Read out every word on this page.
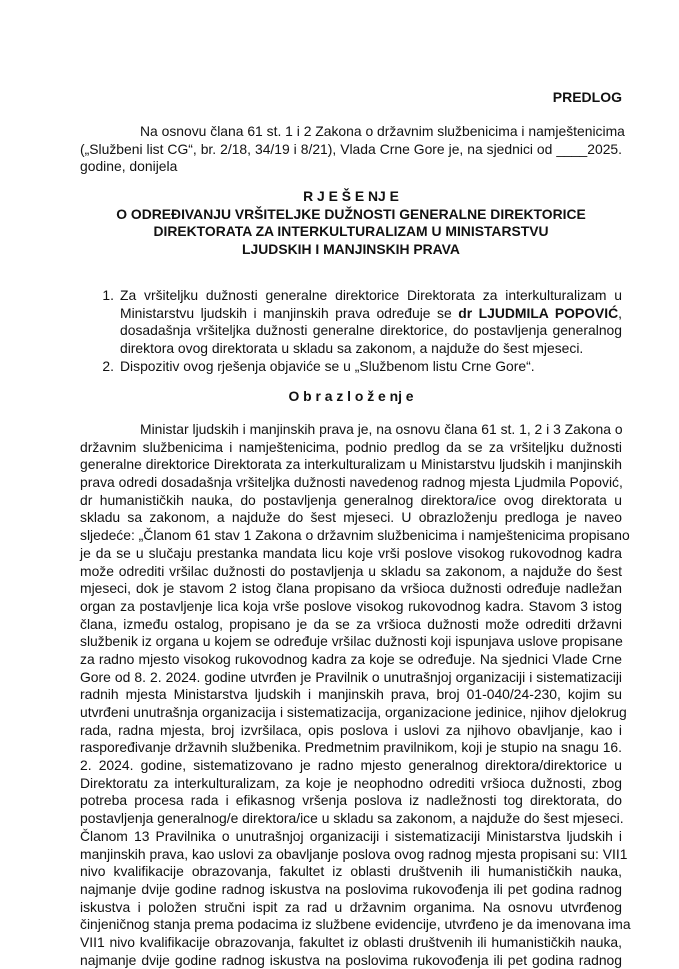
PREDLOG
Na osnovu člana 61 st. 1 i 2 Zakona o državnim službenicima i namještenicima
(„Službeni list CG“, br. 2/18, 34/19 i 8/21), Vlada Crne Gore je, na sjednici od ____2025.
godine, donijela
R J E Š E NJ E
O ODREĐIVANJU VRŠITELJKE DUŽNOSTI GENERALNE DIREKTORICE
DIREKTORATA ZA INTERKULTURALIZAM U MINISTARSTVU
LJUDSKIH I MANJINSKIH PRAVA
1. Za vršiteljku dužnosti generalne direktorice Direktorata za interkulturalizam u
Ministarstvu ljudskih i manjinskih prava određuje se dr LJUDMILA POPOVIĆ,
dosadašnja vršiteljka dužnosti generalne direktorice, do postavljenja generalnog
direktora ovog direktorata u skladu sa zakonom, a najduže do šest mjeseci.
2. Dispozitiv ovog rješenja objaviće se u „Službenom listu Crne Gore“.
O b r a z l o ž e nj e
Ministar ljudskih i manjinskih prava je, na osnovu člana 61 st. 1, 2 i 3 Zakona o
državnim službenicima i namještenicima, podnio predlog da se za vršiteljku dužnosti
generalne direktorice Direktorata za interkulturalizam u Ministarstvu ljudskih i manjinskih
prava odredi dosadašnja vršiteljka dužnosti navedenog radnog mjesta Ljudmila Popović,
dr humanističkih nauka, do postavljenja generalnog direktora/ice ovog direktorata u
skladu sa zakonom, a najduže do šest mjeseci. U obrazloženju predloga je naveo
sljedeće: „Članom 61 stav 1 Zakona o državnim službenicima i namještenicima propisano
je da se u slučaju prestanka mandata licu koje vrši poslove visokog rukovodnog kadra
može odrediti vršilac dužnosti do postavljenja u skladu sa zakonom, a najduže do šest
mjeseci, dok je stavom 2 istog člana propisano da vršioca dužnosti određuje nadležan
organ za postavljenje lica koja vrše poslove visokog rukovodnog kadra. Stavom 3 istog
člana, između ostalog, propisano je da se za vršioca dužnosti može odrediti državni
službenik iz organa u kojem se određuje vršilac dužnosti koji ispunjava uslove propisane
za radno mjesto visokog rukovodnog kadra za koje se određuje. Na sjednici Vlade Crne
Gore od 8. 2. 2024. godine utvrđen je Pravilnik o unutrašnjoj organizaciji i sistematizaciji
radnih mjesta Ministarstva ljudskih i manjinskih prava, broj 01-040/24-230, kojim su
utvrđeni unutrašnja organizacija i sistematizacija, organizacione jedinice, njihov djelokrug
rada, radna mjesta, broj izvršilaca, opis poslova i uslovi za njihovo obavljanje, kao i
raspoređivanje državnih službenika. Predmetnim pravilnikom, koji je stupio na snagu 16.
2. 2024. godine, sistematizovano je radno mjesto generalnog direktora/direktorice u
Direktoratu za interkulturalizam, za koje je neophodno odrediti vršioca dužnosti, zbog
potreba procesa rada i efikasnog vršenja poslova iz nadležnosti tog direktorata, do
postavljenja generalnog/e direktora/ice u skladu sa zakonom, a najduže do šest mjeseci.
Članom 13 Pravilnika o unutrašnjoj organizaciji i sistematizaciji Ministarstva ljudskih i
manjinskih prava, kao uslovi za obavljanje poslova ovog radnog mjesta propisani su: VII1
nivo kvalifikacije obrazovanja, fakultet iz oblasti društvenih ili humanističkih nauka,
najmanje dvije godine radnog iskustva na poslovima rukovođenja ili pet godina radnog
iskustva i položen stručni ispit za rad u državnim organima. Na osnovu utvrđenog
činjeničnog stanja prema podacima iz službene evidencije, utvrđeno je da imenovana ima
VII1 nivo kvalifikacije obrazovanja, fakultet iz oblasti društvenih ili humanističkih nauka,
najmanje dvije godine radnog iskustva na poslovima rukovođenja ili pet godina radnog
